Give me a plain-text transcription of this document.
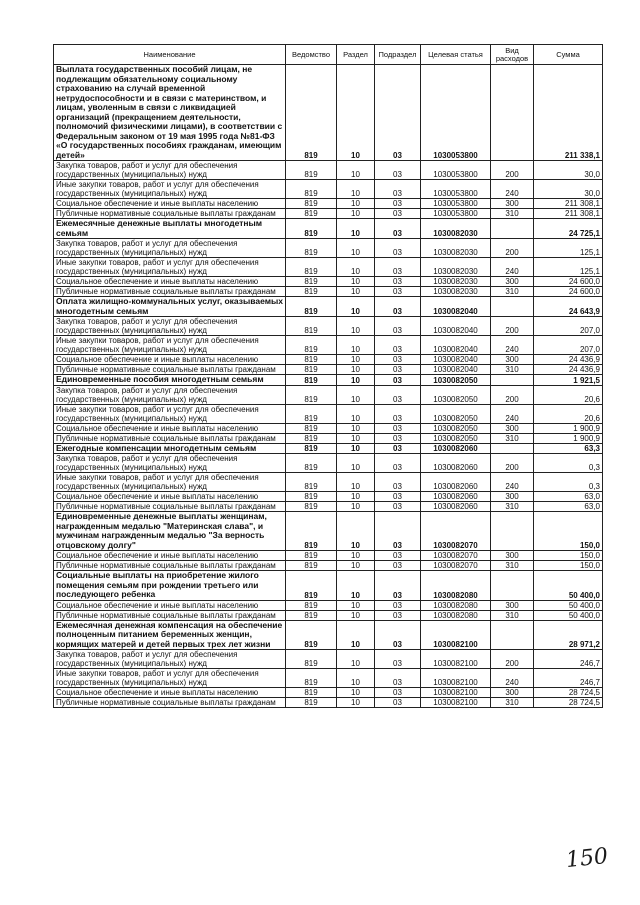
Наименование	Ведомство	Раздел	Подраздел	Целевая статья	Вид расходов	Сумма
Выплата государственных пособий лицам, не подлежащим обязательному социальному страхованию на случай временной нетрудоспособности и в связи с материнством, и лицам, уволенным в связи с ликвидацией организаций (прекращением деятельности, полномочий физическими лицами), в соответствии с Федеральным законом от 19 мая 1995 года №81-ФЗ «О государственных пособиях гражданам, имеющим детей»	819	10	03	1030053800		211 338,1
Закупка товаров, работ и услуг для обеспечения государственных (муниципальных) нужд	819	10	03	1030053800	200	30,0
Иные закупки товаров, работ и услуг для обеспечения государственных (муниципальных) нужд	819	10	03	1030053800	240	30,0
Социальное обеспечение и иные выплаты населению	819	10	03	1030053800	300	211 308,1
Публичные нормативные социальные выплаты гражданам	819	10	03	1030053800	310	211 308,1
Ежемесячные денежные выплаты многодетным семьям	819	10	03	1030082030		24 725,1
Закупка товаров, работ и услуг для обеспечения государственных (муниципальных) нужд	819	10	03	1030082030	200	125,1
Иные закупки товаров, работ и услуг для обеспечения государственных (муниципальных) нужд	819	10	03	1030082030	240	125,1
Социальное обеспечение и иные выплаты населению	819	10	03	1030082030	300	24 600,0
Публичные нормативные социальные выплаты гражданам	819	10	03	1030082030	310	24 600,0
Оплата жилищно-коммунальных услуг, оказываемых многодетным семьям	819	10	03	1030082040		24 643,9
Закупка товаров, работ и услуг для обеспечения государственных (муниципальных) нужд	819	10	03	1030082040	200	207,0
Иные закупки товаров, работ и услуг для обеспечения государственных (муниципальных) нужд	819	10	03	1030082040	240	207,0
Социальное обеспечение и иные выплаты населению	819	10	03	1030082040	300	24 436,9
Публичные нормативные социальные выплаты гражданам	819	10	03	1030082040	310	24 436,9
Единовременные пособия многодетным семьям	819	10	03	1030082050		1 921,5
Закупка товаров, работ и услуг для обеспечения государственных (муниципальных) нужд	819	10	03	1030082050	200	20,6
Иные закупки товаров, работ и услуг для обеспечения государственных (муниципальных) нужд	819	10	03	1030082050	240	20,6
Социальное обеспечение и иные выплаты населению	819	10	03	1030082050	300	1 900,9
Публичные нормативные социальные выплаты гражданам	819	10	03	1030082050	310	1 900,9
Ежегодные компенсации многодетным семьям	819	10	03	1030082060		63,3
Закупка товаров, работ и услуг для обеспечения государственных (муниципальных) нужд	819	10	03	1030082060	200	0,3
Иные закупки товаров, работ и услуг для обеспечения государственных (муниципальных) нужд	819	10	03	1030082060	240	0,3
Социальное обеспечение и иные выплаты населению	819	10	03	1030082060	300	63,0
Публичные нормативные социальные выплаты гражданам	819	10	03	1030082060	310	63,0
Единовременные денежные выплаты женщинам, награжденным медалью "Материнская слава", и мужчинам награжденным медалью "За верность отцовскому долгу"	819	10	03	1030082070		150,0
Социальное обеспечение и иные выплаты населению	819	10	03	1030082070	300	150,0
Публичные нормативные социальные выплаты гражданам	819	10	03	1030082070	310	150,0
Социальные выплаты на приобретение жилого помещения семьям при рождении третьего или последующего ребенка	819	10	03	1030082080		50 400,0
Социальное обеспечение и иные выплаты населению	819	10	03	1030082080	300	50 400,0
Публичные нормативные социальные выплаты гражданам	819	10	03	1030082080	310	50 400,0
Ежемесячная денежная компенсация на обеспечение полноценным питанием беременных женщин, кормящих матерей и детей первых трех лет жизни	819	10	03	1030082100		28 971,2
Закупка товаров, работ и услуг для обеспечения государственных (муниципальных) нужд	819	10	03	1030082100	200	246,7
Иные закупки товаров, работ и услуг для обеспечения государственных (муниципальных) нужд	819	10	03	1030082100	240	246,7
Социальное обеспечение и иные выплаты населению	819	10	03	1030082100	300	28 724,5
Публичные нормативные социальные выплаты гражданам	819	10	03	1030082100	310	28 724,5
150
